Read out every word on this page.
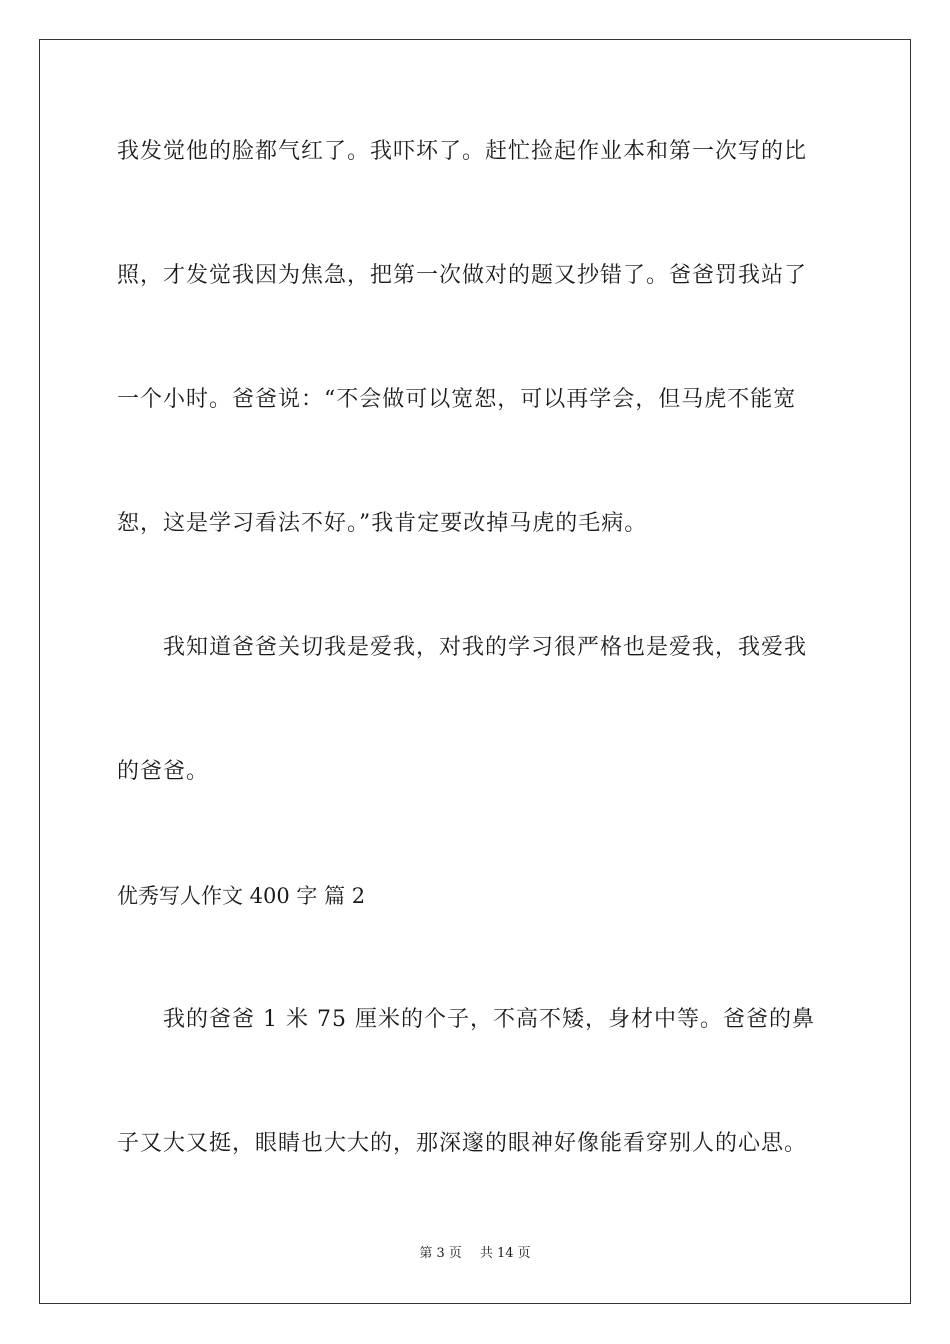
我发觉他的脸都气红了。我吓坏了。赶忙捡起作业本和第一次写的比
照，才发觉我因为焦急，把第一次做对的题又抄错了。爸爸罚我站了
一个小时。爸爸说：“不会做可以宽恕，可以再学会，但马虎不能宽
恕，这是学习看法不好。”我肯定要改掉马虎的毛病。
我知道爸爸关切我是爱我，对我的学习很严格也是爱我，我爱我
的爸爸。
优秀写人作文 400 字 篇 2
我的爸爸 1 米 75 厘米的个子，不高不矮，身材中等。爸爸的鼻
子又大又挺，眼睛也大大的，那深邃的眼神好像能看穿别人的心思。
第 3 页 共 14 页
